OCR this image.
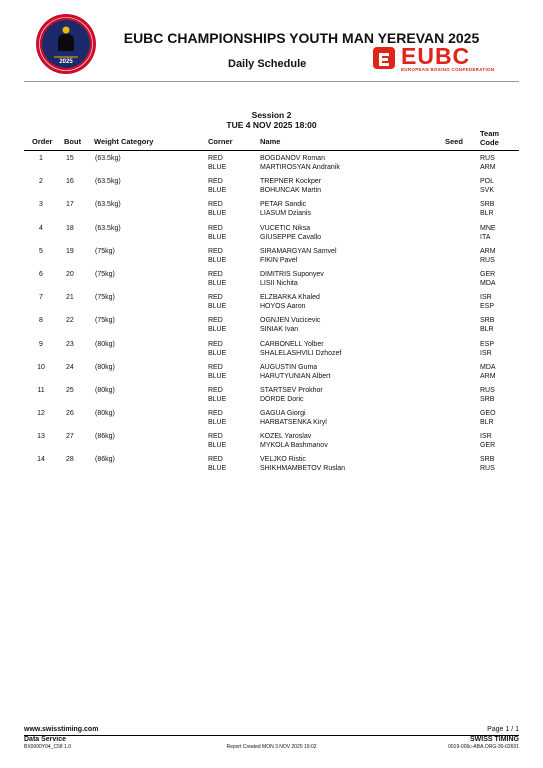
2025
EUBC CHAMPIONSHIPS YOUTH MAN YEREVAN 2025
Daily Schedule	EUBC
EUROPEAN BOXING CONFEDERATION
Session 2
TUE 4 NOV 2025 18:00
Order Bout Weight Category	Corner	Name	Seed
Team
Code
1	15	(63.5kg)	RED	BOGDANOV Roman	RUS
BLUE	MARTIROSYAN Andranik	ARM
2	16	(63.5kg)	RED	TREPNER Kockper	POL
BLUE	BOHUNCAK Martin	SVK
3	17	(63.5kg)	RED	PETAR Sandic	SRB
BLUE	LIASUM Dzianis	BLR
4	18	(63.5kg)	RED	VUCETIC Niksa	MNE
BLUE	GIUSEPPE Cavallo	ITA
5	19	(75kg)	RED	SIRAMARGYAN Samvel	ARM
BLUE	FIKIN Pavel	RUS
6	20	(75kg)	RED	DIMITRIS Suponyev	GER
BLUE	LISII Nichita	MDA
7	21	(75kg)	RED	ELZBARKA Khaled	ISR
BLUE	HOYOS Aaron	ESP
8	22	(75kg)	RED	OGNJEN Vucicevic	SRB
BLUE	SINIAK Ivan	BLR
9	23	(80kg)	RED	CARBONELL Yolber	ESP
BLUE	SHALELASHVILI Dzhozef	ISR
10	24	(80kg)	RED	AUGUSTIN Guma	MDA
BLUE	HARUTYUNIAN Albert	ARM
11	25	(80kg)	RED	STARTSEV Prokhor	RUS
BLUE	DORDE Doric	SRB
12	26	(80kg)	RED	GAGUA Giorgi	GEO
BLUE	HARBATSENKA Kiryl	BLR
13	27	(86kg)	RED	KOZEL Yaroslav	ISR
BLUE	MYKOLA Bashmanov	GER
14	28	(86kg)	RED	VELJKO Ristic	SRB
BLUE	SHIKHMAMBETOV Ruslan	RUS
www.swisstiming.com	Page 1 / 1
Data Service	SWISS TIMING
BX0000Y04_C58 1.0	Report Created MON 3 NOV 2025 19:02	0019-006c-ABA.ORG-30-02601
